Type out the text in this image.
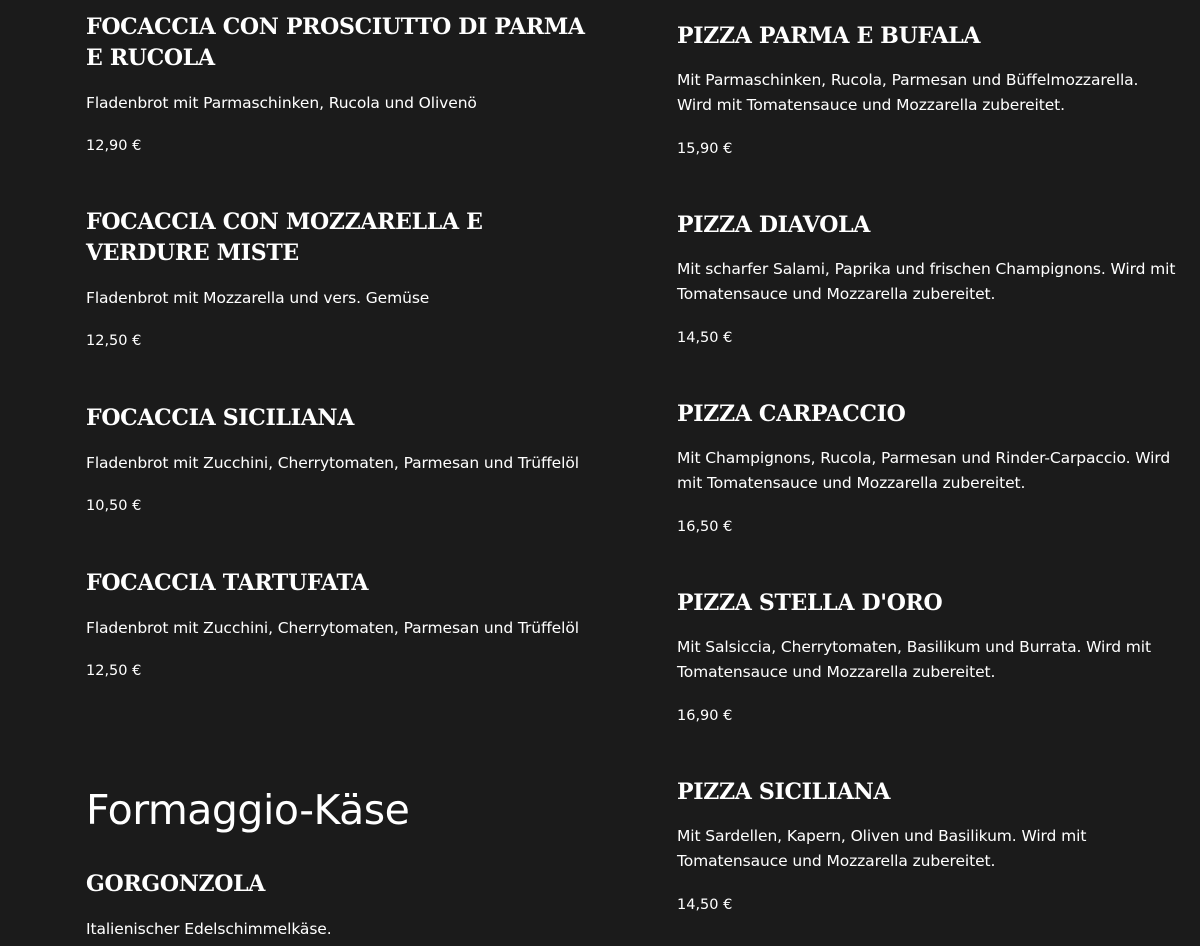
FOCACCIA CON PROSCIUTTO DI PARMA E RUCOLA

Fladenbrot mit Parmaschinken, Rucola und Olivenö

12,90 €

FOCACCIA CON MOZZARELLA E VERDURE MISTE

Fladenbrot mit Mozzarella und vers. Gemüse

12,50 €

FOCACCIA SICILIANA

Fladenbrot mit Zucchini, Cherrytomaten, Parmesan und Trüffelöl

10,50 €

FOCACCIA TARTUFATA

Fladenbrot mit Zucchini, Cherrytomaten, Parmesan und Trüffelöl

12,50 €

Formaggio-Käse
GORGONZOLA

Italienischer Edelschimmelkäse.

PIZZA PARMA E BUFALA

Mit Parmaschinken, Rucola, Parmesan und Büffelmozzarella. Wird mit Tomatensauce und Mozzarella zubereitet.

15,90 €

PIZZA DIAVOLA

Mit scharfer Salami, Paprika und frischen Champignons. Wird mit Tomatensauce und Mozzarella zubereitet.

14,50 €

PIZZA CARPACCIO

Mit Champignons, Rucola, Parmesan und Rinder-Carpaccio. Wird mit Tomatensauce und Mozzarella zubereitet.

16,50 €

PIZZA STELLA D'ORO

Mit Salsiccia, Cherrytomaten, Basilikum und Burrata. Wird mit Tomatensauce und Mozzarella zubereitet.

16,90 €

PIZZA SICILIANA

Mit Sardellen, Kapern, Oliven und Basilikum. Wird mit Tomatensauce und Mozzarella zubereitet.

14,50 €
